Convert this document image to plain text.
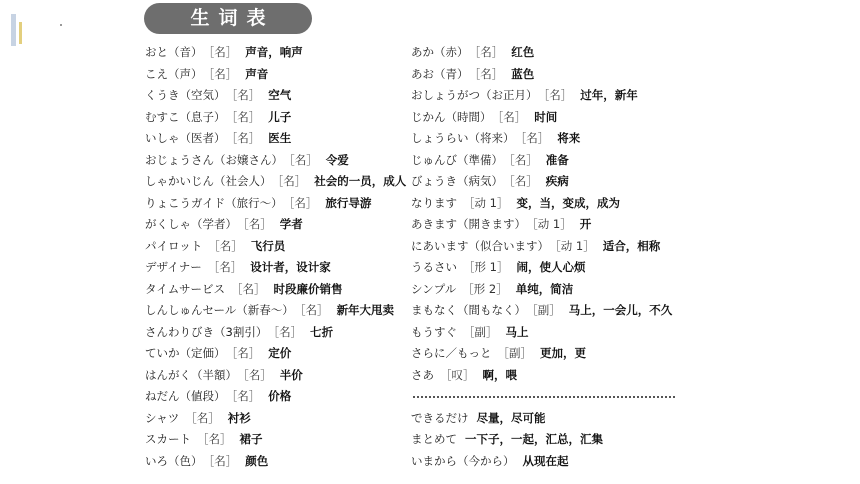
生词表
おと（音） ［名］ 声音，响声
こえ（声） ［名］ 声音
くうき（空気） ［名］ 空气
むすこ（息子） ［名］ 儿子
いしゃ（医者） ［名］ 医生
おじょうさん（お嬢さん） ［名］ 令爱
しゃかいじん（社会人） ［名］ 社会的一员，成人
りょこうガイド（旅行～） ［名］ 旅行导游
がくしゃ（学者） ［名］ 学者
パイロット ［名］ 飞行员
デザイナー ［名］ 设计者，设计家
タイムサービス ［名］ 时段廉价销售
しんしゅんセール（新春～） ［名］ 新年大甩卖
さんわりびき（3割引） ［名］ 七折
ていか（定価） ［名］ 定价
はんがく（半額） ［名］ 半价
ねだん（値段） ［名］ 价格
シャツ ［名］ 衬衫
スカート ［名］ 裙子
いろ（色） ［名］ 颜色
あか（赤） ［名］ 红色
あお（青） ［名］ 蓝色
おしょうがつ（お正月） ［名］ 过年，新年
じかん（時間） ［名］ 时间
しょうらい（将来） ［名］ 将来
じゅんび（準備） ［名］ 准备
びょうき（病気） ［名］ 疾病
なります ［动 1］ 变，当，变成，成为
あきます（開きます） ［动 1］ 开
にあいます（似合います） ［动 1］ 适合，相称
うるさい ［形 1］ 闹，使人心烦
シンプル ［形 2］ 单纯，简洁
まもなく（間もなく） ［副］ 马上，一会儿，不久
もうすぐ ［副］ 马上
さらに／もっと ［副］ 更加，更
さあ ［叹］ 啊，喂
できるだけ 尽量，尽可能
まとめて 一下子，一起，汇总，汇集
いまから（今から） 从现在起
